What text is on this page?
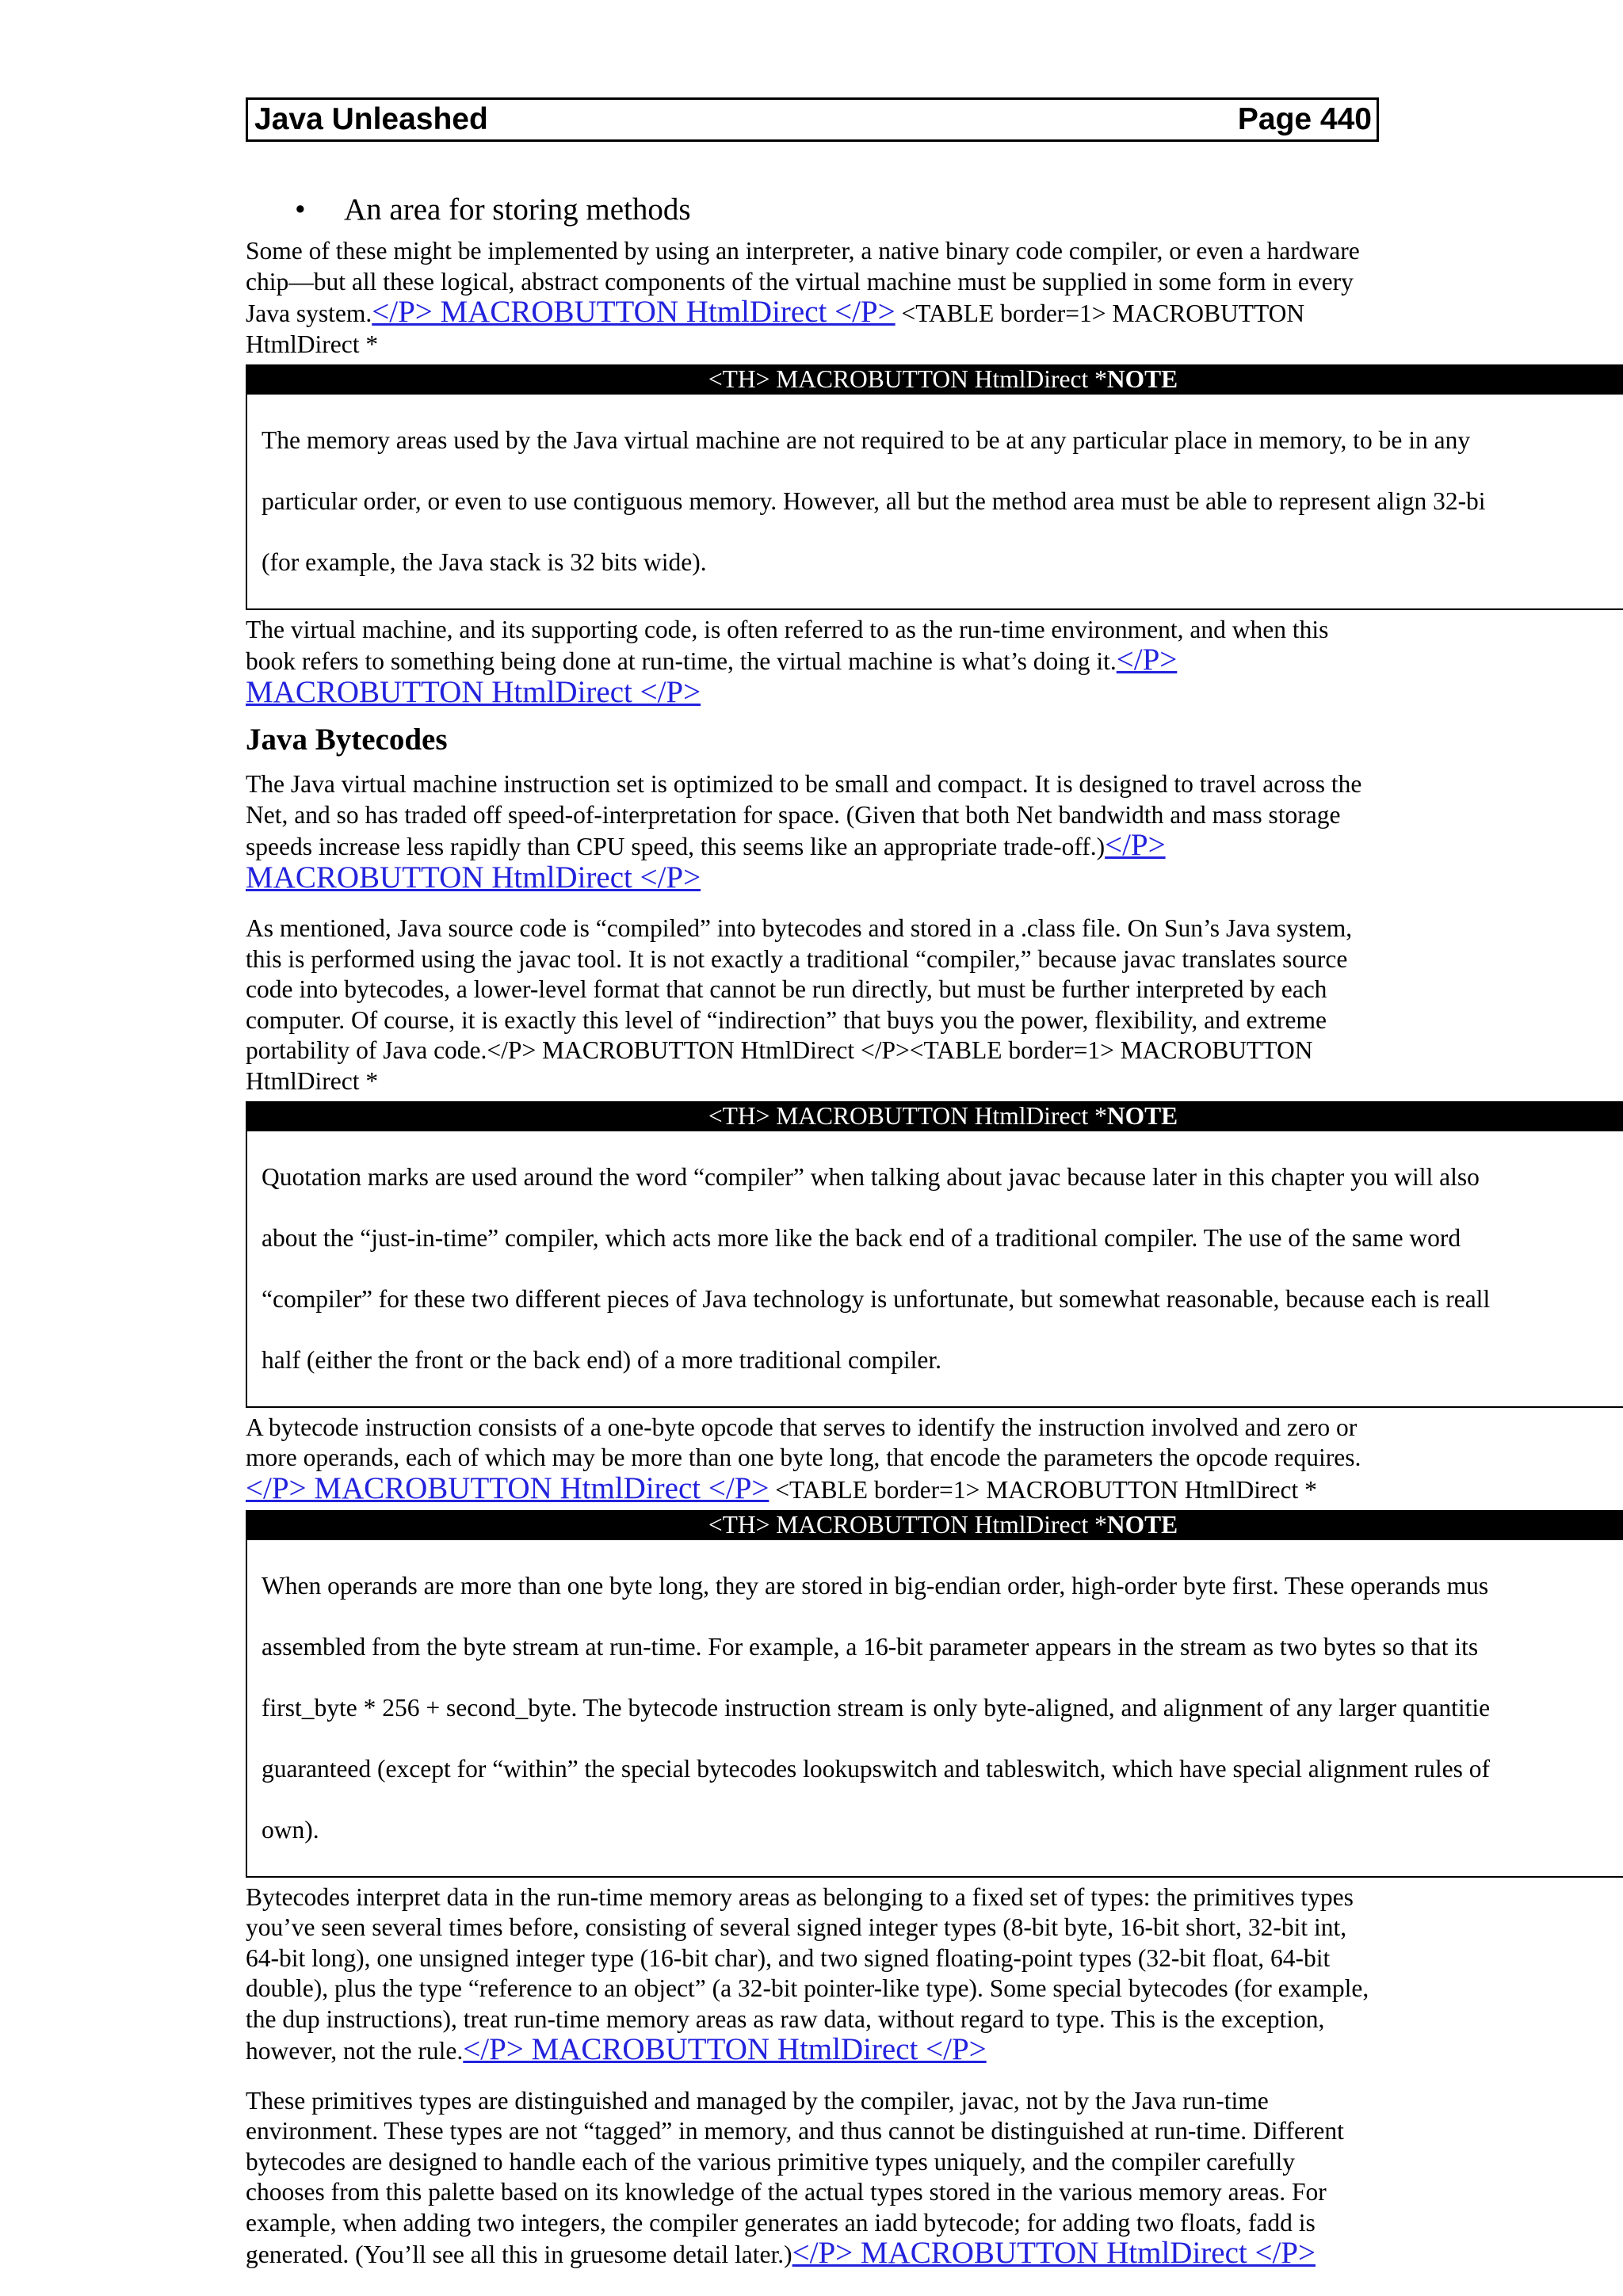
Java Unleashed	Page 440
• An area for storing methods

Some of these might be implemented by using an interpreter, a native binary code compiler, or even a hardware chip—but all these logical, abstract components of the virtual machine must be supplied in some form in every Java system.</P> MACROBUTTON HtmlDirect </P> <TABLE border=1> MACROBUTTON HtmlDirect *

<TH> MACROBUTTON HtmlDirect *NOTE

The memory areas used by the Java virtual machine are not required to be at any particular place in memory, to be in any

particular order, or even to use contiguous memory. However, all but the method area must be able to represent align 32-bi

(for example, the Java stack is 32 bits wide).

The virtual machine, and its supporting code, is often referred to as the run-time environment, and when this book refers to something being done at run-time, the virtual machine is what’s doing it.</P> MACROBUTTON HtmlDirect </P>

Java Bytecodes

The Java virtual machine instruction set is optimized to be small and compact. It is designed to travel across the Net, and so has traded off speed-of-interpretation for space. (Given that both Net bandwidth and mass storage speeds increase less rapidly than CPU speed, this seems like an appropriate trade-off.)</P> MACROBUTTON HtmlDirect </P>

As mentioned, Java source code is “compiled” into bytecodes and stored in a .class file. On Sun’s Java system, this is performed using the javac tool. It is not exactly a traditional “compiler,” because javac translates source code into bytecodes, a lower-level format that cannot be run directly, but must be further interpreted by each computer. Of course, it is exactly this level of “indirection” that buys you the power, flexibility, and extreme portability of Java code.</P> MACROBUTTON HtmlDirect </P><TABLE border=1> MACROBUTTON HtmlDirect *

<TH> MACROBUTTON HtmlDirect *NOTE

Quotation marks are used around the word “compiler” when talking about javac because later in this chapter you will also

about the “just-in-time” compiler, which acts more like the back end of a traditional compiler. The use of the same word

“compiler” for these two different pieces of Java technology is unfortunate, but somewhat reasonable, because each is reall

half (either the front or the back end) of a more traditional compiler.

A bytecode instruction consists of a one-byte opcode that serves to identify the instruction involved and zero or more operands, each of which may be more than one byte long, that encode the parameters the opcode requires.</P> MACROBUTTON HtmlDirect </P> <TABLE border=1> MACROBUTTON HtmlDirect *

<TH> MACROBUTTON HtmlDirect *NOTE

When operands are more than one byte long, they are stored in big-endian order, high-order byte first. These operands mus

assembled from the byte stream at run-time. For example, a 16-bit parameter appears in the stream as two bytes so that its

first_byte * 256 + second_byte. The bytecode instruction stream is only byte-aligned, and alignment of any larger quantitie

guaranteed (except for “within” the special bytecodes lookupswitch and tableswitch, which have special alignment rules of

own).

Bytecodes interpret data in the run-time memory areas as belonging to a fixed set of types: the primitives types you’ve seen several times before, consisting of several signed integer types (8-bit byte, 16-bit short, 32-bit int, 64-bit long), one unsigned integer type (16-bit char), and two signed floating-point types (32-bit float, 64-bit double), plus the type “reference to an object” (a 32-bit pointer-like type). Some special bytecodes (for example, the dup instructions), treat run-time memory areas as raw data, without regard to type. This is the exception, however, not the rule.</P> MACROBUTTON HtmlDirect </P>

These primitives types are distinguished and managed by the compiler, javac, not by the Java run-time environment. These types are not “tagged” in memory, and thus cannot be distinguished at run-time. Different bytecodes are designed to handle each of the various primitive types uniquely, and the compiler carefully chooses from this palette based on its knowledge of the actual types stored in the various memory areas. For example, when adding two integers, the compiler generates an iadd bytecode; for adding two floats, fadd is generated. (You’ll see all this in gruesome detail later.)</P> MACROBUTTON HtmlDirect </P>
